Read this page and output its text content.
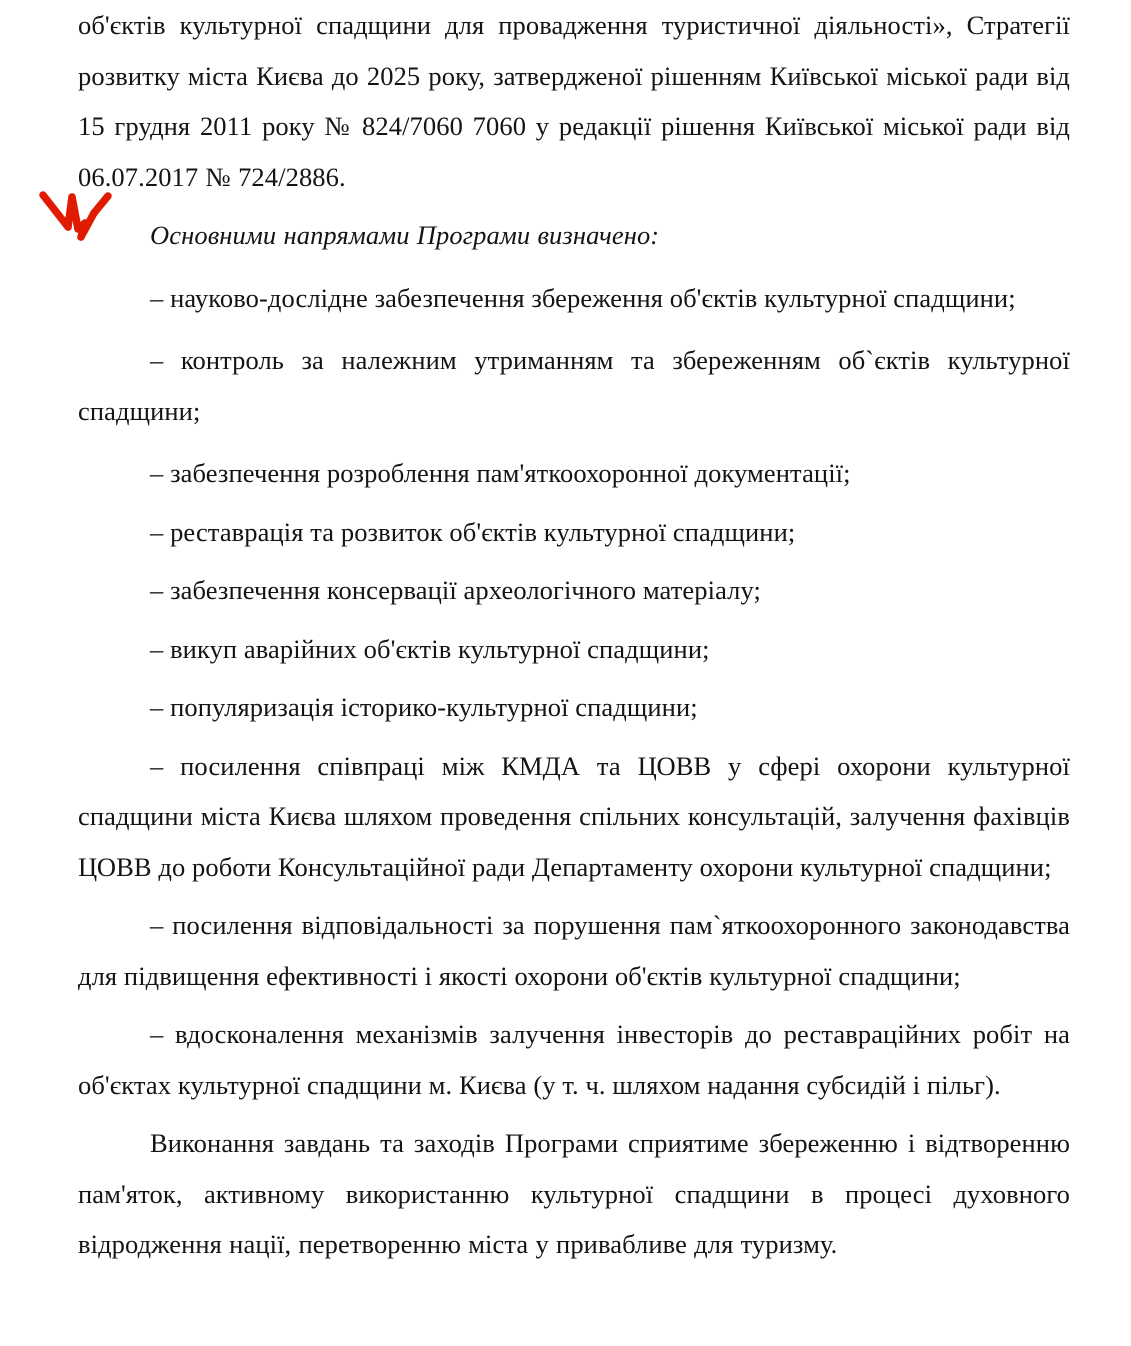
об'єктів культурної спадщини для провадження туристичної діяльності», Стратегії розвитку міста Києва до 2025 року, затвердженої рішенням Київської міської ради від 15 грудня 2011 року № 824/7060 7060 у редакції рішення Київської міської ради від 06.07.2017 № 724/2886.

Основними напрямами Програми визначено:

– науково-дослідне забезпечення збереження об'єктів культурної спадщини;

– контроль за належним утриманням та збереженням об`єктів культурної спадщини;

– забезпечення розроблення пам'яткоохоронної документації;

– реставрація та розвиток об'єктів культурної спадщини;

– забезпечення консервації археологічного матеріалу;

– викуп аварійних об'єктів культурної спадщини;

– популяризація історико-культурної спадщини;

– посилення співпраці між КМДА та ЦОВВ у сфері охорони культурної спадщини міста Києва шляхом проведення спільних консультацій, залучення фахівців ЦОВВ до роботи Консультаційної ради Департаменту охорони культурної спадщини;

– посилення відповідальності за порушення пам`яткоохоронного законодавства для підвищення ефективності і якості охорони об'єктів культурної спадщини;

– вдосконалення механізмів залучення інвесторів до реставраційних робіт на об'єктах культурної спадщини м. Києва (у т. ч. шляхом надання субсидій і пільг).

Виконання завдань та заходів Програми сприятиме збереженню і відтворенню пам'яток, активному використанню культурної спадщини в процесі духовного відродження нації, перетворенню міста у привабливе для туризму.
